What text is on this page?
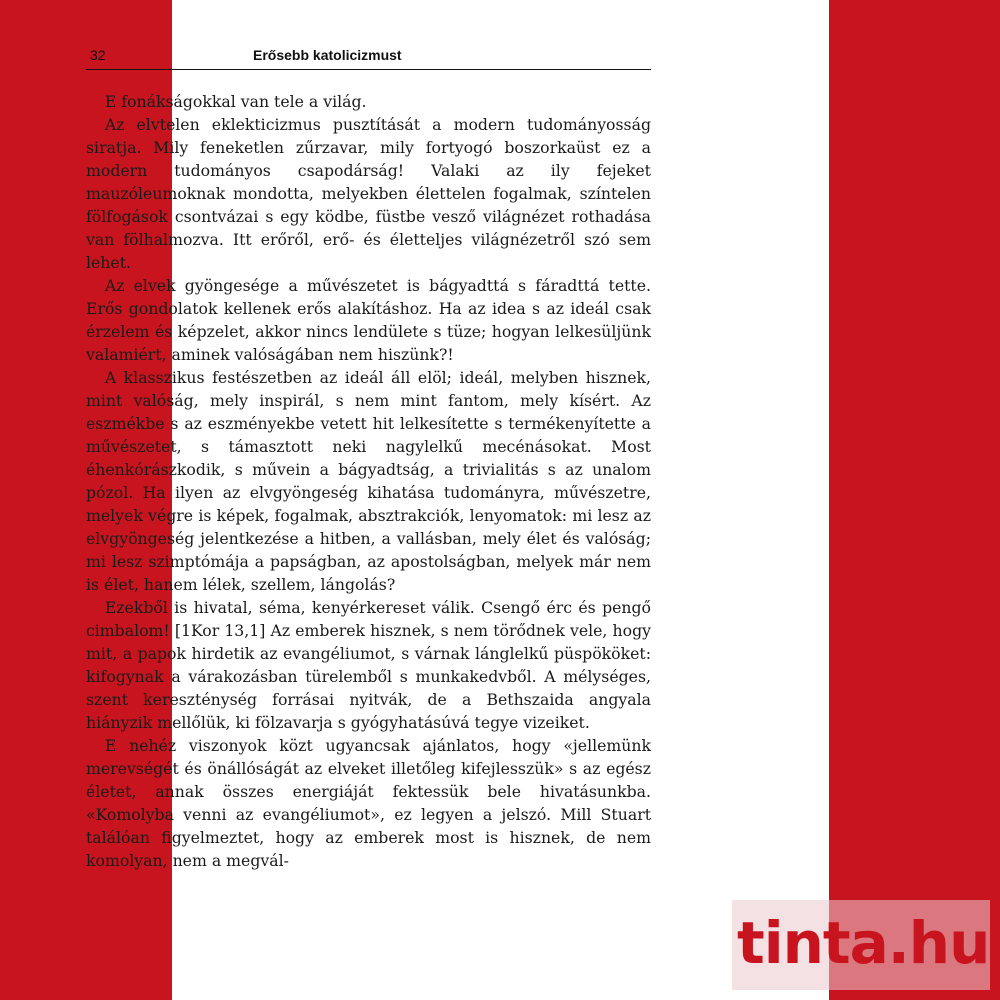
32	Erősebb katolicizmust

E fonákságokkal van tele a világ.

Az elvtelen eklekticizmus pusztítását a modern tudományosság siratja. Mily feneketlen zűrzavar, mily fortyogó boszorkaüst ez a modern tudományos csapodárság! Valaki az ily fejeket mauzóleumoknak mondotta, melyekben élettelen fogalmak, színtelen fölfogások csontvázai s egy ködbe, füstbe vesző világnézet rothadása van fölhalmozva. Itt erőről, erő- és életteljes világnézetről szó sem lehet.

Az elvek gyöngesége a művészetet is bágyadttá s fáradttá tette. Erős gondolatok kellenek erős alakításhoz. Ha az idea s az ideál csak érzelem és képzelet, akkor nincs lendülete s tüze; hogyan lelkesüljünk valamiért, aminek valóságában nem hiszünk?!

A klasszikus festészetben az ideál áll elöl; ideál, melyben hisznek, mint valóság, mely inspirál, s nem mint fantom, mely kísért. Az eszmékbe s az eszményekbe vetett hit lelkesítette s termékenyítette a művészetet, s támasztott neki nagylelkű mecénásokat. Most éhenkórászkodik, s művein a bágyadtság, a trivialitás s az unalom pózol. Ha ilyen az elvgyöngeség kihatása tudományra, művészetre, melyek végre is képek, fogalmak, absztrakciók, lenyomatok: mi lesz az elvgyöngeség jelentkezése a hitben, a vallásban, mely élet és valóság; mi lesz szimptómája a papságban, az apostolságban, melyek már nem is élet, hanem lélek, szellem, lángolás?

Ezekből is hivatal, séma, kenyérkereset válik. Csengő érc és pengő cimbalom! [1Kor 13,1] Az emberek hisznek, s nem törődnek vele, hogy mit, a papok hirdetik az evangéliumot, s várnak lánglelkű püspököket: kifogynak a várakozásban türelemből s munkakedvből. A mélységes, szent kereszténység forrásai nyitvák, de a Bethszaida angyala hiányzik mellőlük, ki fölzavarja s gyógyhatásúvá tegye vizeiket.

E nehéz viszonyok közt ugyancsak ajánlatos, hogy «jellemünk merevségét és önállóságát az elveket illetőleg kifejlesszük» s az egész életet, annak összes energiáját fektessük bele hivatásunkba. «Komolyba venni az evangéliumot», ez legyen a jelszó. Mill Stuart találóan figyelmeztet, hogy az emberek most is hisznek, de nem komolyan, nem a megvál-

tinta.hu
